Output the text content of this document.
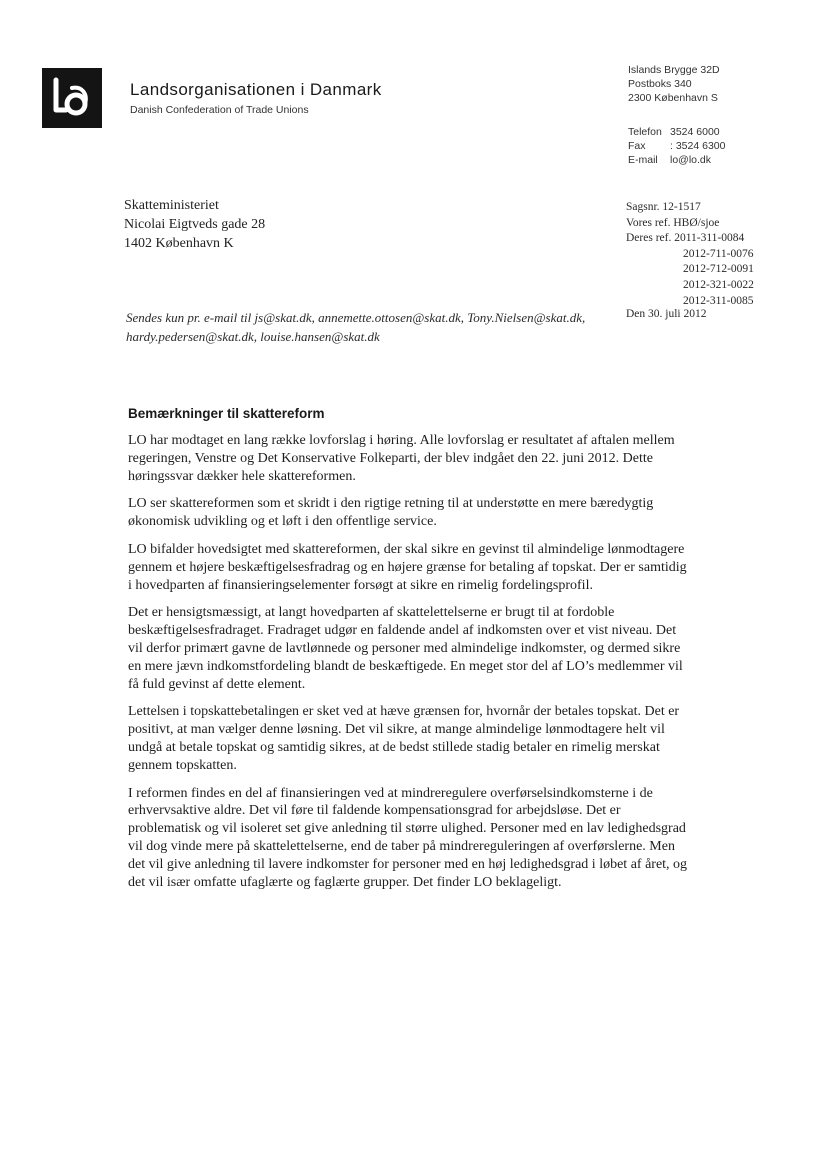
Landsorganisationen i Danmark
Danish Confederation of Trade Unions
Islands Brygge 32D
Postboks 340
2300 København S
Telefon 3524 6000
Fax	: 3524 6300
E-mail	lo@lo.dk
Skatteministeriet
Nicolai Eigtveds gade 28
1402 København K
Sagsnr. 12-1517
Vores ref. HBØ/sjoe
Deres ref. 2011-311-0084
2012-711-0076
2012-712-0091
2012-321-0022
2012-311-0085
Sendes kun pr. e-mail til js@skat.dk, annemette.ottosen@skat.dk, Tony.Nielsen@skat.dk, hardy.pedersen@skat.dk, louise.hansen@skat.dk
Den 30. juli 2012
Bemærkninger til skattereform

LO har modtaget en lang række lovforslag i høring. Alle lovforslag er resultatet af aftalen mellem regeringen, Venstre og Det Konservative Folkeparti, der blev indgået den 22. juni 2012. Dette høringssvar dækker hele skattereformen.

LO ser skattereformen som et skridt i den rigtige retning til at understøtte en mere bæredygtig økonomisk udvikling og et løft i den offentlige service.

LO bifalder hovedsigtet med skattereformen, der skal sikre en gevinst til almindelige lønmodtagere gennem et højere beskæftigelsesfradrag og en højere grænse for betaling af topskat. Der er samtidig i hovedparten af finansieringselementer forsøgt at sikre en rimelig fordelingsprofil.

Det er hensigtsmæssigt, at langt hovedparten af skattelettelserne er brugt til at fordoble beskæftigelsesfradraget. Fradraget udgør en faldende andel af indkomsten over et vist niveau. Det vil derfor primært gavne de lavtlønnede og personer med almindelige indkomster, og dermed sikre en mere jævn indkomstfordeling blandt de beskæftigede. En meget stor del af LO’s medlemmer vil få fuld gevinst af dette element.

Lettelsen i topskattebetalingen er sket ved at hæve grænsen for, hvornår der betales topskat. Det er positivt, at man vælger denne løsning. Det vil sikre, at mange almindelige lønmodtagere helt vil undgå at betale topskat og samtidig sikres, at de bedst stillede stadig betaler en rimelig merskat gennem topskatten.

I reformen findes en del af finansieringen ved at mindreregulere overførselsindkomsterne i de erhvervsaktive aldre. Det vil føre til faldende kompensationsgrad for arbejdsløse. Det er problematisk og vil isoleret set give anledning til større ulighed. Personer med en lav ledighedsgrad vil dog vinde mere på skattelettelserne, end de taber på mindrereguleringen af overførslerne. Men det vil give anledning til lavere indkomster for personer med en høj ledighedsgrad i løbet af året, og det vil især omfatte ufaglærte og faglærte grupper. Det finder LO beklageligt.
